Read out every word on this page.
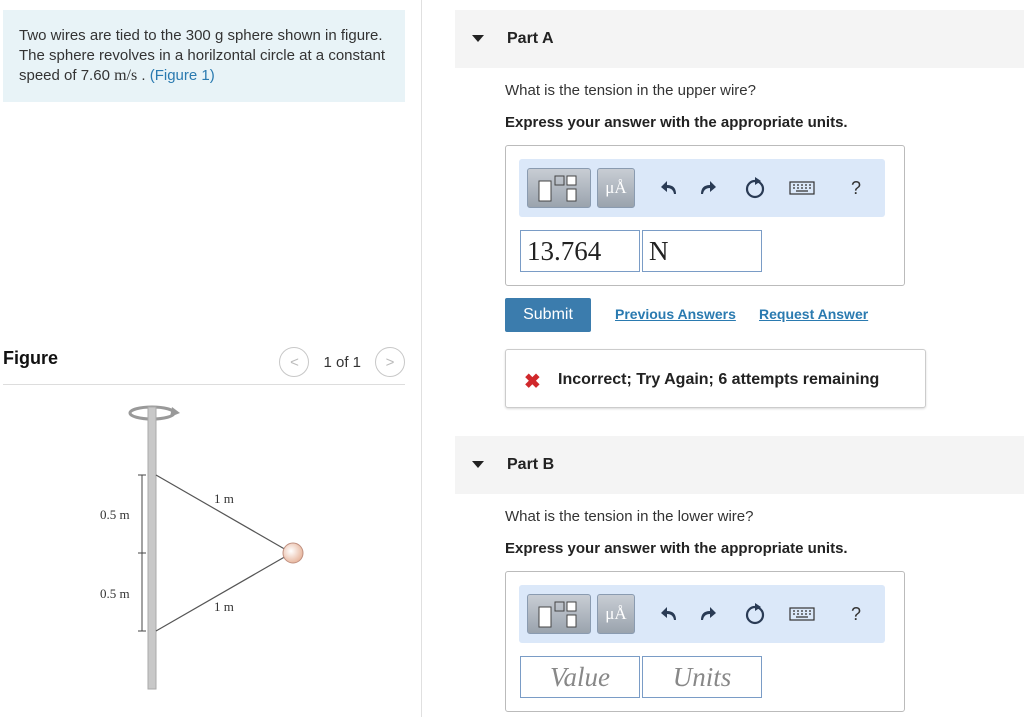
Two wires are tied to the 300 g sphere shown in figure. The sphere revolves in a horilzontal circle at a constant speed of 7.60 m/s . (Figure 1)
Figure	< 1 of 1 >
0.5 m
0.5 m
1 m
1 m
Part A
What is the tension in the upper wire?
Express your answer with the appropriate units.
μÅ	?
13.764	N
Submit	Previous Answers Request Answer
✖ Incorrect; Try Again; 6 attempts remaining
Part B
What is the tension in the lower wire?
Express your answer with the appropriate units.
μÅ	?
Value	Units
